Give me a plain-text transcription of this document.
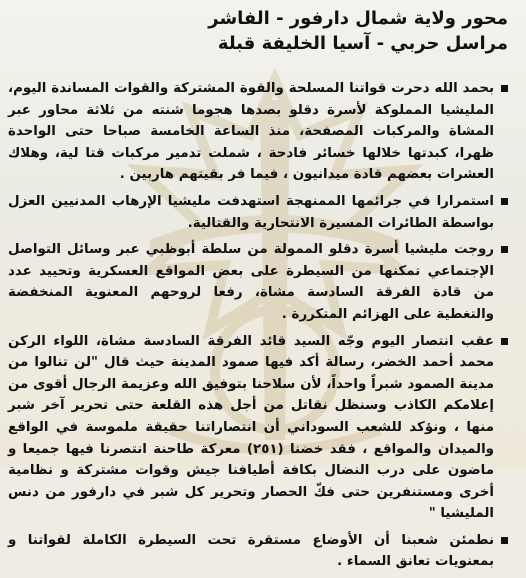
محور ولاية شمال دارفور - الفاشر
مراسل حربي - آسيا الخليفة قبلة

بحمد الله دحرت قواتنا المسلحة والقوة المشتركة والقوات المساندة اليوم، المليشيا المملوكة لأسرة دقلو بصدها هجوما شنته من ثلاثة محاور عبر المشاة والمركبات المصفحة، منذ الساعة الخامسة صباحا حتى الواحدة ظهرا، كبدتها خلالها خسائر فادحة ، شملت تدمير مركبات قتا لية، وهلاك العشرات بعضهم قادة ميدانيون ، فيما فر بقيتهم هاربين .

استمرارا في جرائمها الممنهجة استهدفت مليشيا الإرهاب المدنيين العزل بواسطة الطائرات المسيرة الانتحارية والقتالية.

روجت مليشيا أسرة دقلو الممولة من سلطة أبوظبي عبر وسائل التواصل الإجتماعي تمكنها من السيطرة على بعض المواقع العسكرية وتحييد عدد من قادة الفرقة السادسة مشاة، رفعا لروحهم المعنوية المنخفضة والتغطية على الهزائم المتكررة .

عقب انتصار اليوم وجّه السيد قائد الفرقة السادسة مشاة، اللواء الركن محمد أحمد الخضر، رسالة أكد فيها صمود المدينة حيث قال "لن تنالوا من مدينة الصمود شبراً واحداً، لأن سلاحنا بتوفيق الله وعزيمة الرجال أقوى من إعلامكم الكاذب وسنظل نقاتل من أجل هذه القلعة حتى تحرير آخر شبر منها ، ونؤكد للشعب السوداني أن انتصاراتنا حقيقة ملموسة في الواقع والميدان والمواقع ، فقد خضنا (٢٥١) معركة طاحنة انتصرنا فيها جميعا و ماضون على درب النضال بكافة أطيافنا جيش وقوات مشتركة و نظامية أخرى ومستنفرين حتى فكّ الحصار وتحرير كل شبر في دارفور من دنس المليشيا "

نطمئن شعبنا أن الأوضاع مستقرة تحت السيطرة الكاملة لقواتنا و بمعنويات تعانق السماء .
